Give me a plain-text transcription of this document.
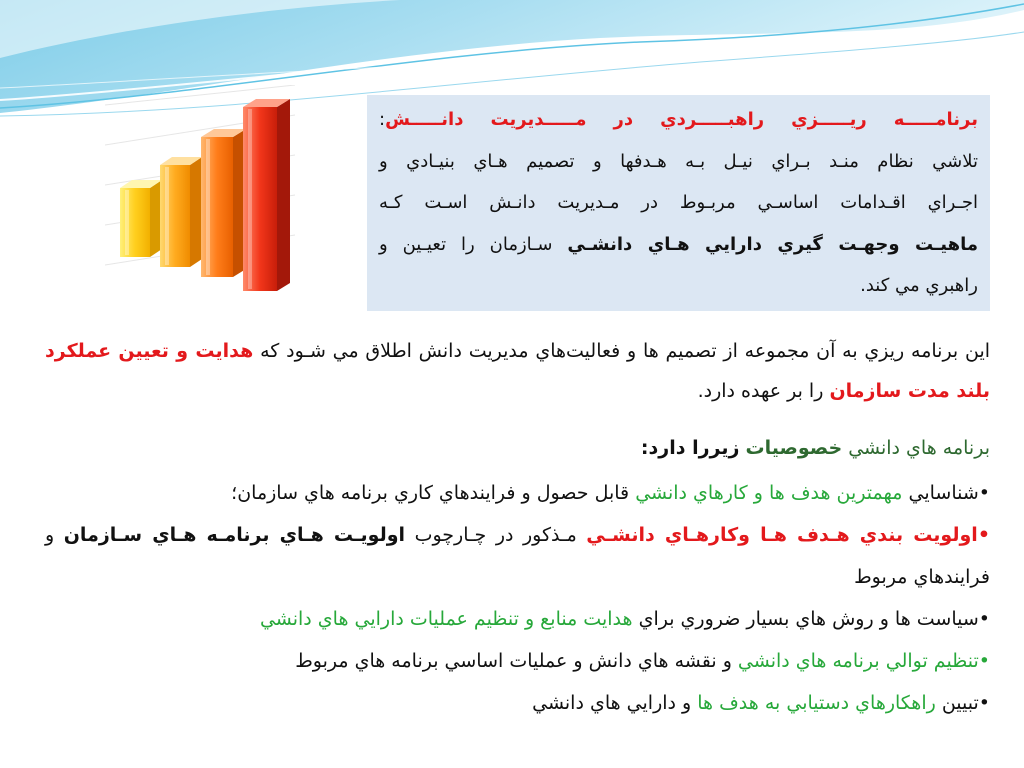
برنامـــــه ريـــــزي راهبـــــردي در مـــــديريت دانـــــش:
تلاشي نظام منـد بـراي نيـل بـه هـدفها و تصميم هـاي بنيـادي و
اجـراي اقـدامات اساسـي مربـوط در مـديريت دانـش اسـت کـه
ماهيـت وجهـت گيري دارايي هـاي دانشـي سـازمان را تعيـين و
راهبري مي کند.

اين برنامه ريزي به آن مجموعه از تصميم ها و فعاليت‌هاي مديريت دانش اطلاق مي شـود که هدايت و تعيين عملکرد بلند مدت سازمان را بر عهده دارد.

برنامه هاي دانشي خصوصيات زيررا دارد:
•شناسايي مهمترين هدف ها و کارهاي دانشي قابل حصول و فرايندهاي کاري برنامه هاي سازمان؛
•اولويت بندي هـدف هـا وکارهـاي دانشـي مـذکور در چـارچوب اولويـت هـاي برنامـه هـاي سـازمان و فرايندهاي مربوط
•سياست ها و روش هاي بسيار ضروري براي هدايت منابع و تنظيم عمليات دارايي هاي دانشي
•تنظيم توالي برنامه هاي دانشي و نقشه هاي دانش و عمليات اساسي برنامه هاي مربوط
•تبيين راهکارهاي دستيابي به هدف ها و دارايي هاي دانشي
